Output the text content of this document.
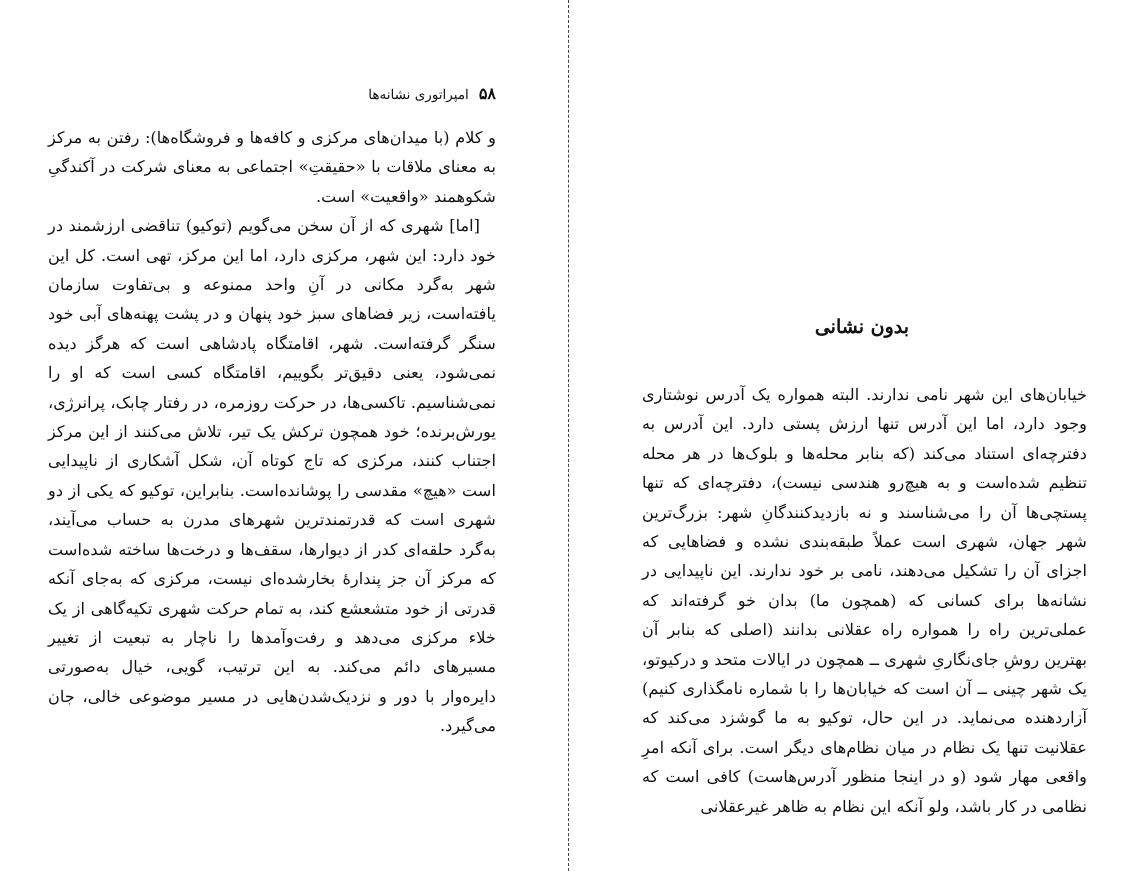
۵۸
امپراتوری نشانه‌ها

و کلام (با میدان‌های مرکزی و کافه‌ها و فروشگاه‌ها): رفتن به مرکز به معنای ملاقات با «حقیقتِ» اجتماعی به معنای شرکت در آکندگیِ شکوهمند «واقعیت» است.

[اما] شهری که از آن سخن می‌گویم (توکیو) تناقضی ارزشمند در خود دارد: این شهر، مرکزی دارد، اما این مرکز، تهی است. کل این شهر به‌گرد مکانی در آنِ واحد ممنوعه و بی‌تفاوت سازمان یافته‌است، زیر فضاهای سبز خود پنهان و در پشت پهنه‌های آبی خود سنگر گرفته‌است. شهر، اقامتگاه پادشاهی است که هرگز دیده نمی‌شود، یعنی دقیق‌تر بگوییم، اقامتگاه کسی است که او را نمی‌شناسیم. تاکسی‌ها، در حرکت روزمره، در رفتار چابک، پرانرژی، یورش‌برنده؛ خود همچون ترکش یک تیر، تلاش می‌کنند از این مرکز اجتناب کنند، مرکزی که تاج کوتاه آن، شکل آشکاری از ناپیدایی است «هیچ» مقدسی را پوشانده‌است. بنابراین، توکیو که یکی از دو شهری است که قدرتمندترین شهرهای مدرن به حساب می‌آیند، به‌گرد حلقه‌ای کدر از دیوارها، سقف‌ها و درخت‌ها ساخته شده‌است که مرکز آن جز پندارهٔ بخارشده‌ای نیست، مرکزی که به‌جای آنکه قدرتی از خود متشعشع کند، به تمام حرکت شهری تکیه‌گاهی از یک خلاء مرکزی می‌دهد و رفت‌وآمدها را ناچار به تبعیت از تغییر مسیرهای دائم می‌کند. به این ترتیب، گویی، خیال به‌صورتی دایره‌وار با دور و نزدیک‌شدن‌هایی در مسیر موضوعی خالی، جان می‌گیرد.

بدون نشانی

خیابان‌های این شهر نامی ندارند. البته همواره یک آدرس نوشتاری وجود دارد، اما این آدرس تنها ارزش پستی دارد. این آدرس به دفترچه‌ای استناد می‌کند (که بنابر محله‌ها و بلوک‌ها در هر محله تنظیم شده‌است و به هیچ‌رو هندسی نیست)، دفترچه‌ای که تنها پستچی‌ها آن را می‌شناسند و نه بازدیدکنندگانِ شهر: بزرگ‌ترین شهر جهان، شهری است عملاً طبقه‌بندی نشده و فضاهایی که اجزای آن را تشکیل می‌دهند، نامی بر خود ندارند. این ناپیدایی در نشانه‌ها برای کسانی که (همچون ما) بدان خو گرفته‌اند که عملی‌ترین راه را همواره راه عقلانی بدانند (اصلی که بنابر آن بهترین روشِ جای‌نگاریِ شهری ــ همچون در ایالات متحد و درکیوتو، یک شهر چینی ــ آن است که خیابان‌ها را با شماره نامگذاری کنیم) آزاردهنده می‌نماید. در این حال، توکیو به ما گوشزد می‌کند که عقلانیت تنها یک نظام در میان نظام‌های دیگر است. برای آنکه امرِ واقعی مهار شود (و در اینجا منظور آدرس‌هاست) کافی است که نظامی در کار باشد، ولو آنکه این نظام به ظاهر غیرعقلانی
